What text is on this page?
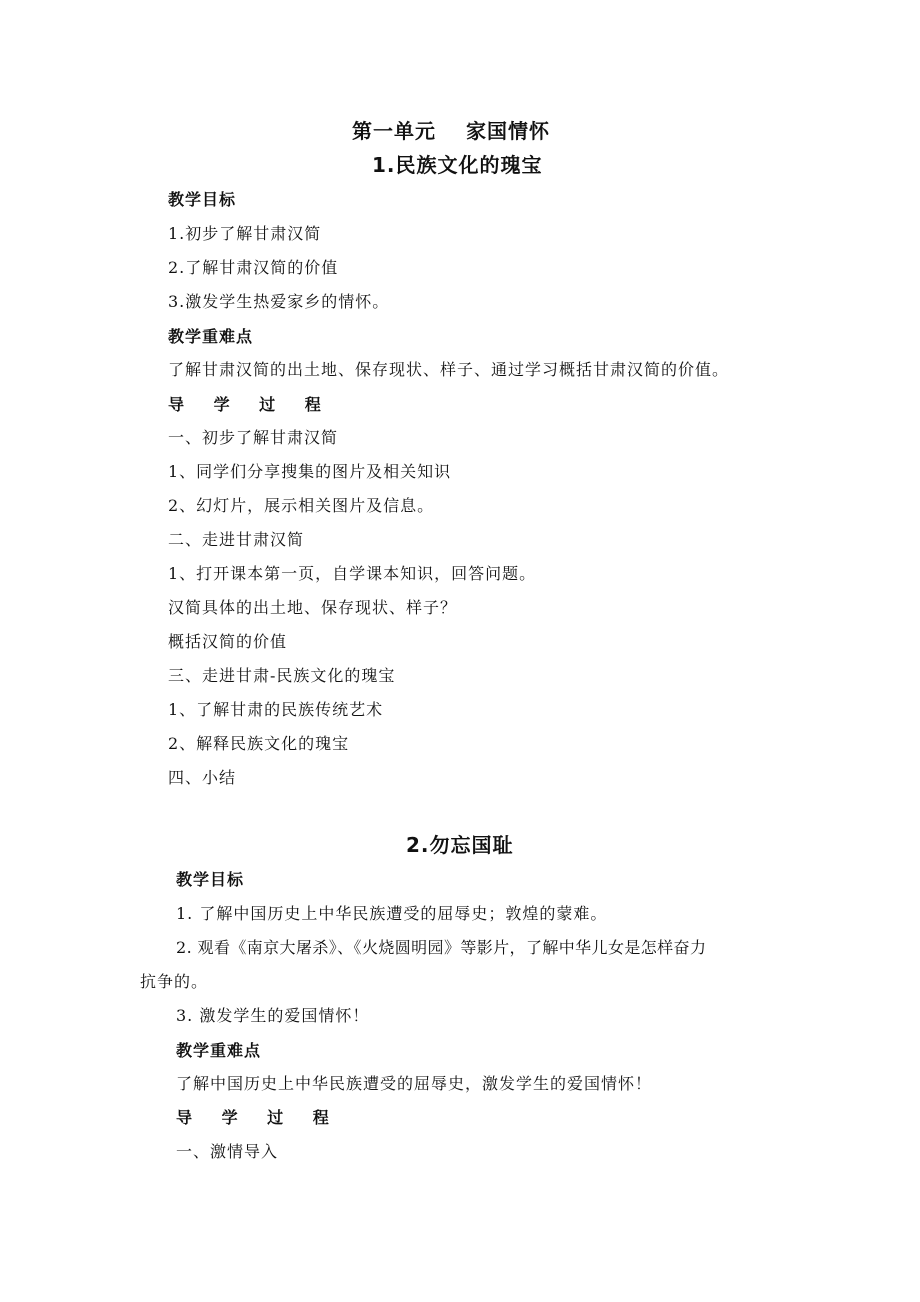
第一单元 家国情怀
1.民族文化的瑰宝
教学目标
1.初步了解甘肃汉简
2.了解甘肃汉简的价值
3.激发学生热爱家乡的情怀。
教学重难点
了解甘肃汉简的出土地、保存现状、样子、通过学习概括甘肃汉简的价值。
导 学 过 程
一、初步了解甘肃汉简
1、同学们分享搜集的图片及相关知识
2、幻灯片，展示相关图片及信息。
二、走进甘肃汉简
1、打开课本第一页，自学课本知识，回答问题。
汉简具体的出土地、保存现状、样子？
概括汉简的价值
三、走进甘肃-民族文化的瑰宝
1、了解甘肃的民族传统艺术
2、解释民族文化的瑰宝
四、小结
2.勿忘国耻
教学目标
1. 了解中国历史上中华民族遭受的屈辱史；敦煌的蒙难。
2. 观看《南京大屠杀》、《火烧圆明园》等影片，了解中华儿女是怎样奋力
抗争的。
3. 激发学生的爱国情怀！
教学重难点
了解中国历史上中华民族遭受的屈辱史，激发学生的爱国情怀！
导 学 过 程
一、激情导入
